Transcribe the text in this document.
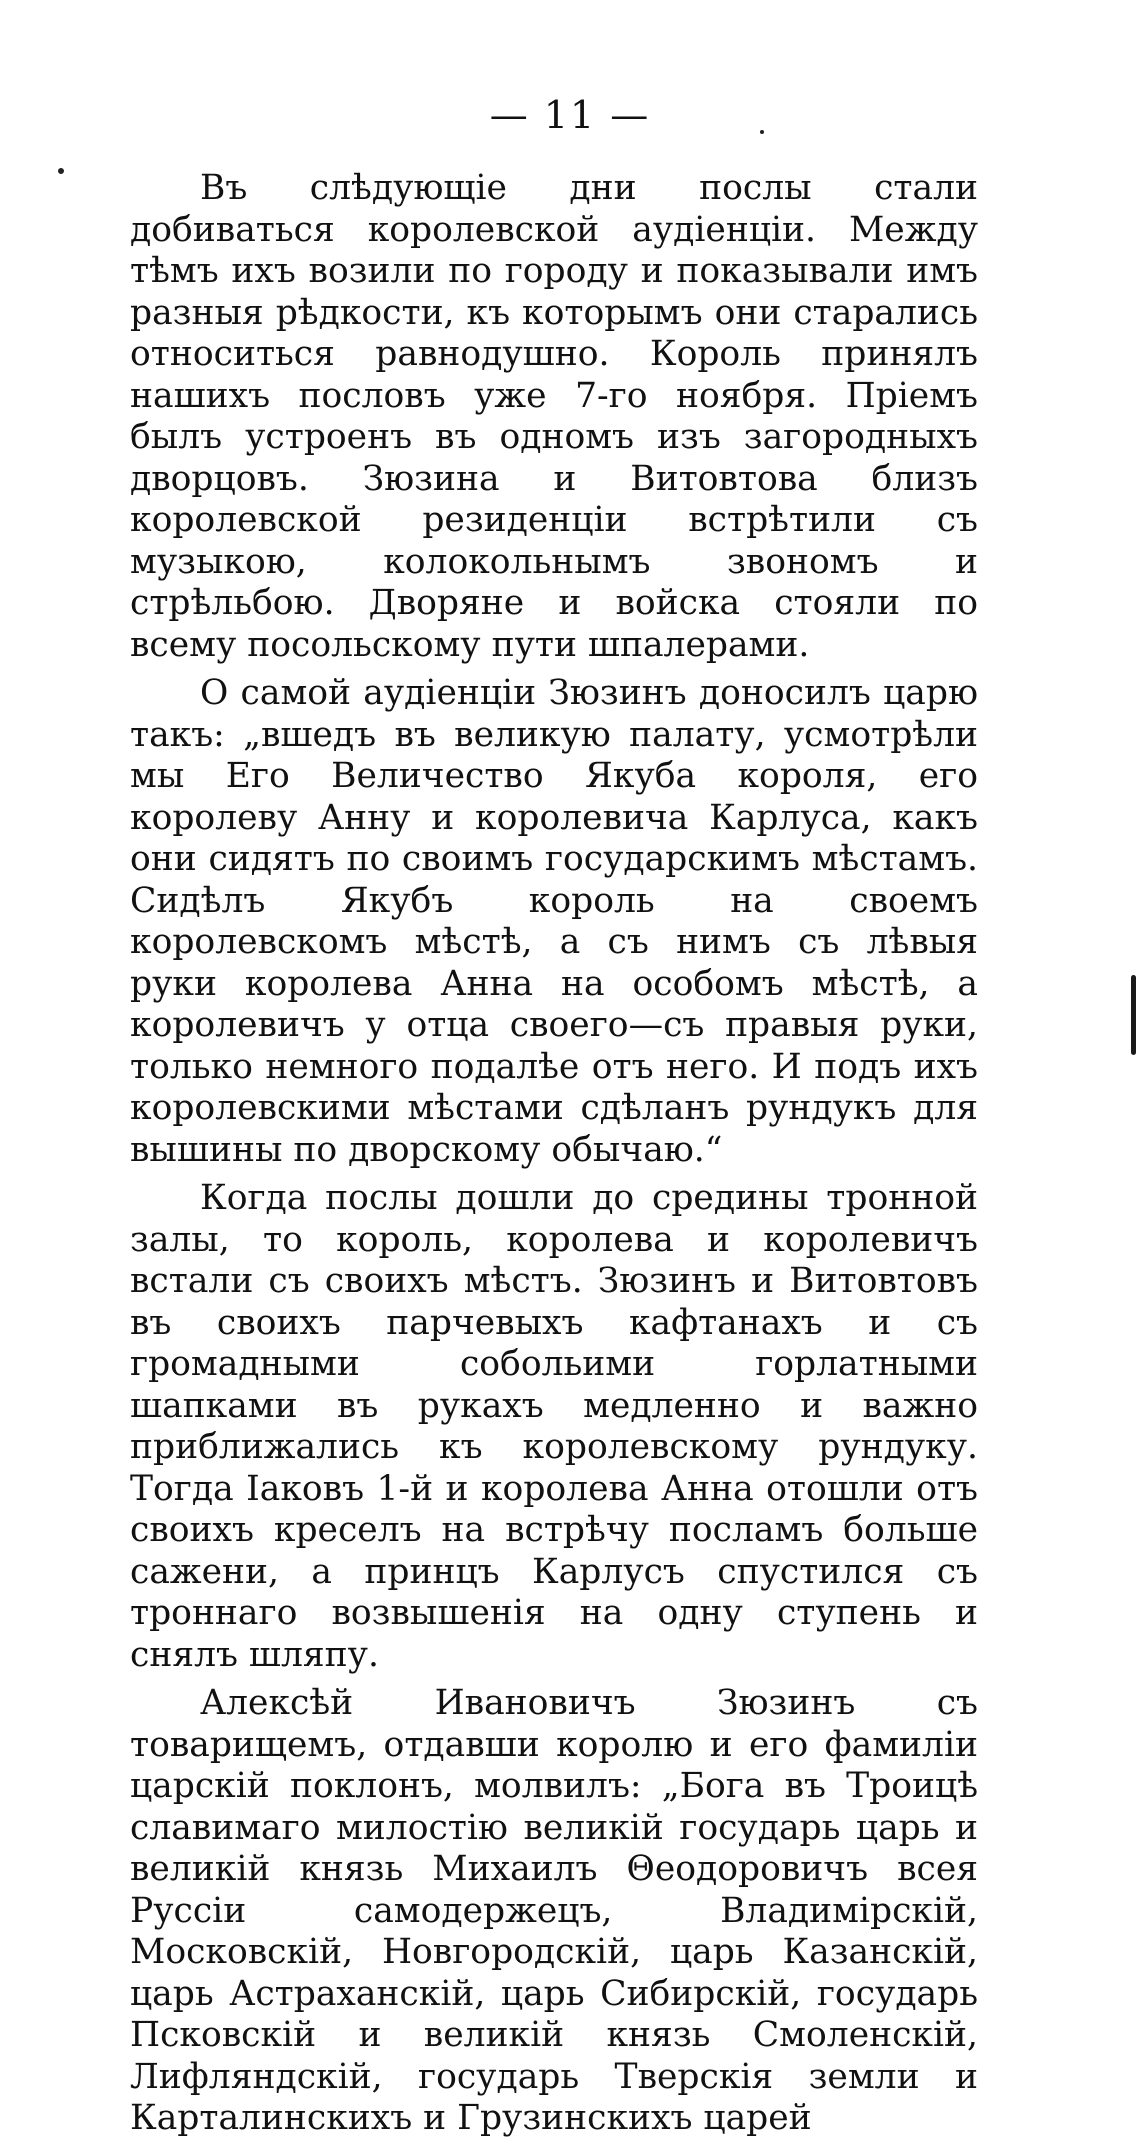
— 11 —

Въ слѣдующіе дни послы стали добиваться королевской аудіенціи. Между тѣмъ ихъ возили по городу и показывали имъ разныя рѣдкости, къ которымъ они старались относиться равнодушно. Король принялъ нашихъ пословъ уже 7-го ноября. Пріемъ былъ устроенъ въ одномъ изъ загородныхъ дворцовъ. Зюзина и Витовтова близъ королевской резиденціи встрѣтили съ музыкою, колокольнымъ звономъ и стрѣльбою. Дворяне и войска стояли по всему посольскому пути шпалерами.

О самой аудіенціи Зюзинъ доносилъ царю такъ: „вшедъ въ великую палату, усмотрѣли мы Его Величество Якуба короля, его королеву Анну и королевича Карлуса, какъ они сидятъ по своимъ государскимъ мѣстамъ. Сидѣлъ Якубъ король на своемъ королевскомъ мѣстѣ, а съ нимъ съ лѣвыя руки королева Анна на особомъ мѣстѣ, а королевичъ у отца своего—съ правыя руки, только немного подалѣе отъ него. И подъ ихъ королевскими мѣстами сдѣланъ рундукъ для вышины по дворскому обычаю.“

Когда послы дошли до средины тронной залы, то король, королева и королевичъ встали съ своихъ мѣстъ. Зюзинъ и Витовтовъ въ своихъ парчевыхъ кафтанахъ и съ громадными собольими горлатными шапками въ рукахъ медленно и важно приближались къ королевскому рундуку. Тогда Іаковъ 1-й и королева Анна отошли отъ своихъ креселъ на встрѣчу посламъ больше сажени, а принцъ Карлусъ спустился съ троннаго возвышенія на одну ступень и снялъ шляпу.

Алексѣй Ивановичъ Зюзинъ съ товарищемъ, отдавши королю и его фамиліи царскій поклонъ, молвилъ: „Бога въ Троицѣ славимаго милостію великій государь царь и великій князь Михаилъ Θеодоровичъ всея Руссіи самодержецъ, Владимірскій, Московскій, Новгородскій, царь Казанскій, царь Астраханскій, царь Сибирскій, государь Псковскій и великій князь Смоленскій, Лифляндскій, государь Тверскія земли и Карталинскихъ и Грузинскихъ царей
